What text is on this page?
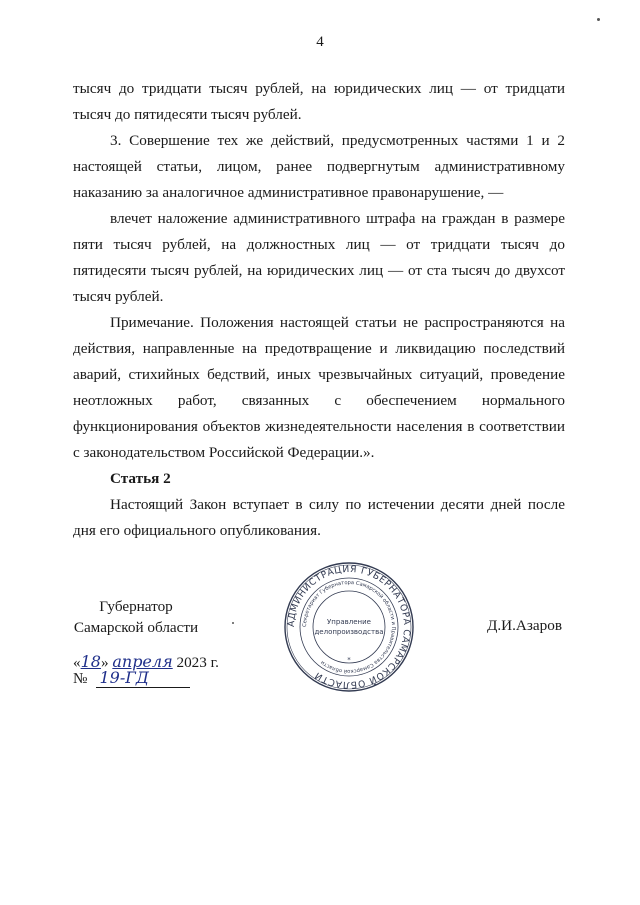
4

тысяч до тридцати тысяч рублей, на юридических лиц — от тридцати тысяч до пятидесяти тысяч рублей.

3. Совершение тех же действий, предусмотренных частями 1 и 2 настоящей статьи, лицом, ранее подвергнутым административному наказанию за аналогичное административное правонарушение, —

влечет наложение административного штрафа на граждан в размере пяти тысяч рублей, на должностных лиц — от тридцати тысяч до пятидесяти тысяч рублей, на юридических лиц — от ста тысяч до двухсот тысяч рублей.

Примечание. Положения настоящей статьи не распространяются на действия, направленные на предотвращение и ликвидацию последствий аварий, стихийных бедствий, иных чрезвычайных ситуаций, проведение неотложных работ, связанных с обеспечением нормального функционирования объектов жизнедеятельности населения в соответствии с законодательством Российской Федерации.».

Статья 2

Настоящий Закон вступает в силу по истечении десяти дней после дня его официального опубликования.

Губернатор
Самарской области	Д.И.Азаров
«18» апреля 2023 г.
№ 19-ГД
АДМИНИСТРАЦИЯ ГУБЕРНАТОРА САМАРСКОЙ ОБЛАСТИ
Секретариат Губернатора Самарской области и Правительства Самарской области
Управление
делопроизводства
*
